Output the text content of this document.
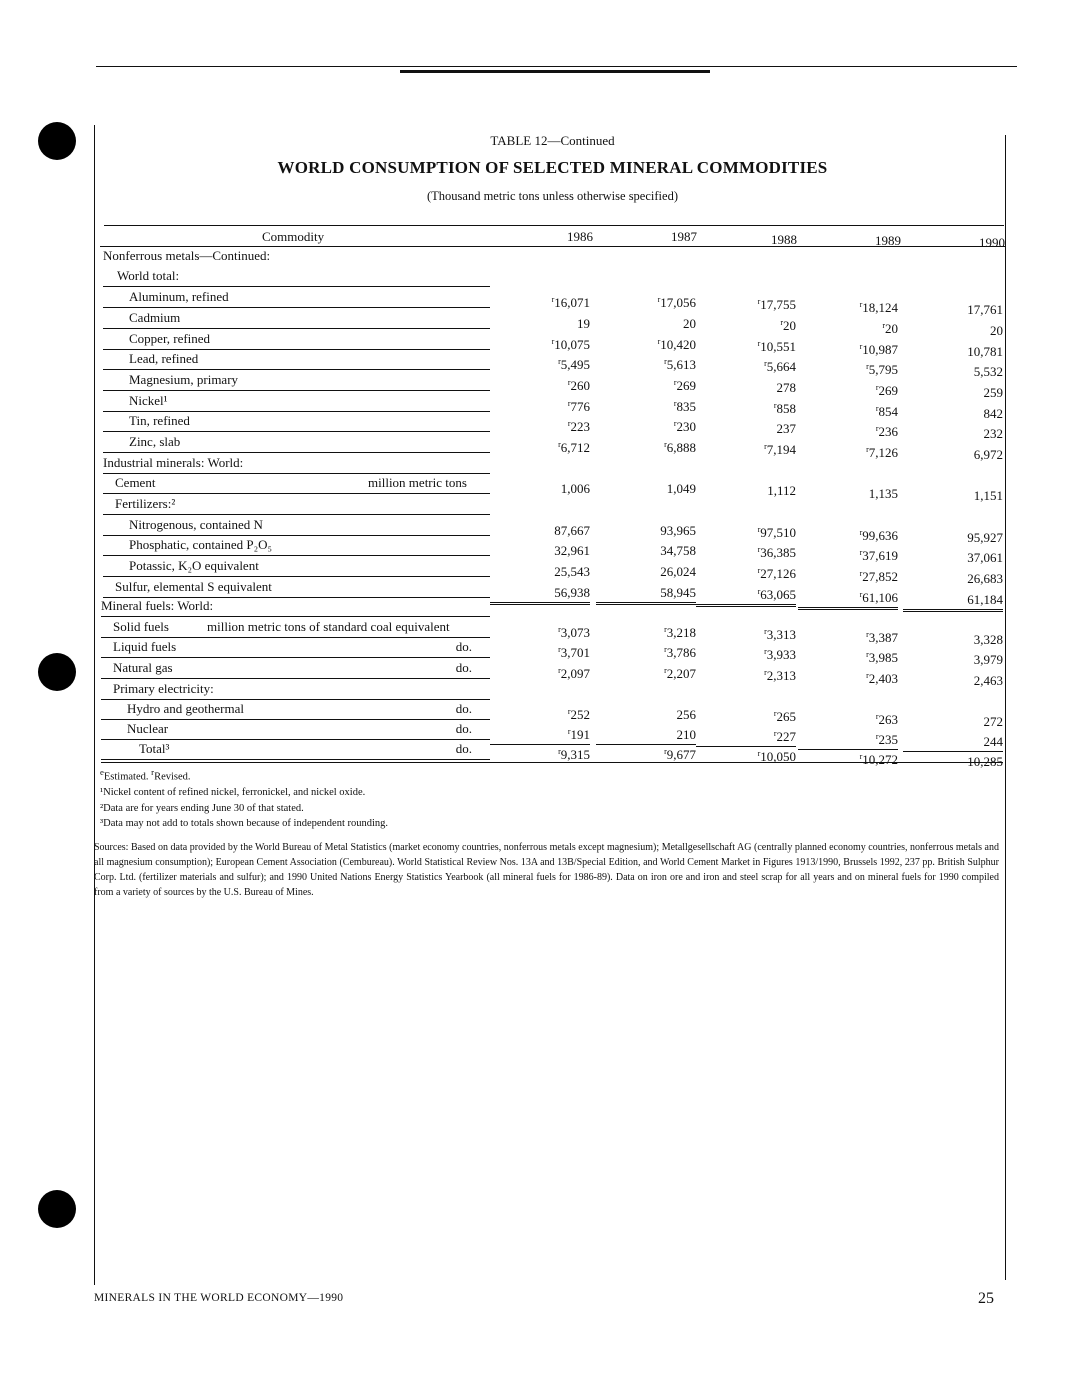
TABLE 12—Continued
WORLD CONSUMPTION OF SELECTED MINERAL COMMODITIES
(Thousand metric tons unless otherwise specified)
Commodity	1986	1987	1988	1989	1990
Nonferrous metals—Continued:
World total:
Aluminum, refined	$^r$16,071	$^r$17,056	$^r$17,755	$^r$18,124	17,761
Cadmium	19	20	$^r$20	$^r$20	20
Copper, refined	$^r$10,075	$^r$10,420	$^r$10,551	$^r$10,987	10,781
Lead, refined	$^r$5,495	$^r$5,613	$^r$5,664	$^r$5,795	5,532
Magnesium, primary	$^r$260	$^r$269	278	$^r$269	259
Nickel¹	$^r$776	$^r$835	$^r$858	$^r$854	842
Tin, refined	$^r$223	$^r$230	237	$^r$236	232
Zinc, slab	$^r$6,712	$^r$6,888	$^r$7,194	$^r$7,126	6,972
Industrial minerals: World:
Cement	million metric tons	1,006	1,049	1,112	1,135	1,151
Fertilizers:²
Nitrogenous, contained N	87,667	93,965	$^r$97,510	$^r$99,636	95,927
Phosphatic, contained P₂O₅	32,961	34,758	$^r$36,385	$^r$37,619	37,061
Potassic, K₂O equivalent	25,543	26,024	$^r$27,126	$^r$27,852	26,683
Sulfur, elemental S equivalent	56,938	58,945	$^r$63,065	$^r$61,106	61,184
Mineral fuels: World:
Solid fuels	million metric tons of standard coal equivalent	$^r$3,073	$^r$3,218	$^r$3,313	$^r$3,387	3,328
Liquid fuels	do.	$^r$3,701	$^r$3,786	$^r$3,933	$^r$3,985	3,979
Natural gas	do.	$^r$2,097	$^r$2,207	$^r$2,313	$^r$2,403	2,463
Primary electricity:
Hydro and geothermal	do.	$^r$252	256	$^r$265	$^r$263	272
Nuclear	do.	$^r$191	210	$^r$227	$^r$235	244
Total³	do.	$^r$9,315	$^r$9,677	$^r$10,050	$^r$10,272	10,285
$^e$Estimated. $^r$Revised.
¹Nickel content of refined nickel, ferronickel, and nickel oxide.
²Data are for years ending June 30 of that stated.
³Data may not add to totals shown because of independent rounding.
Sources: Based on data provided by the World Bureau of Metal Statistics (market economy countries, nonferrous metals except magnesium); Metallgesellschaft AG (centrally planned economy countries, nonferrous metals and all magnesium consumption); European Cement Association (Cembureau). World Statistical Review Nos. 13A and 13B/Special Edition, and World Cement Market in Figures 1913/1990, Brussels 1992, 237 pp. British Sulphur Corp. Ltd. (fertilizer materials and sulfur); and 1990 United Nations Energy Statistics Yearbook (all mineral fuels for 1986-89). Data on iron ore and iron and steel scrap for all years and on mineral fuels for 1990 compiled from a variety of sources by the U.S. Bureau of Mines.
MINERALS IN THE WORLD ECONOMY—1990	25
